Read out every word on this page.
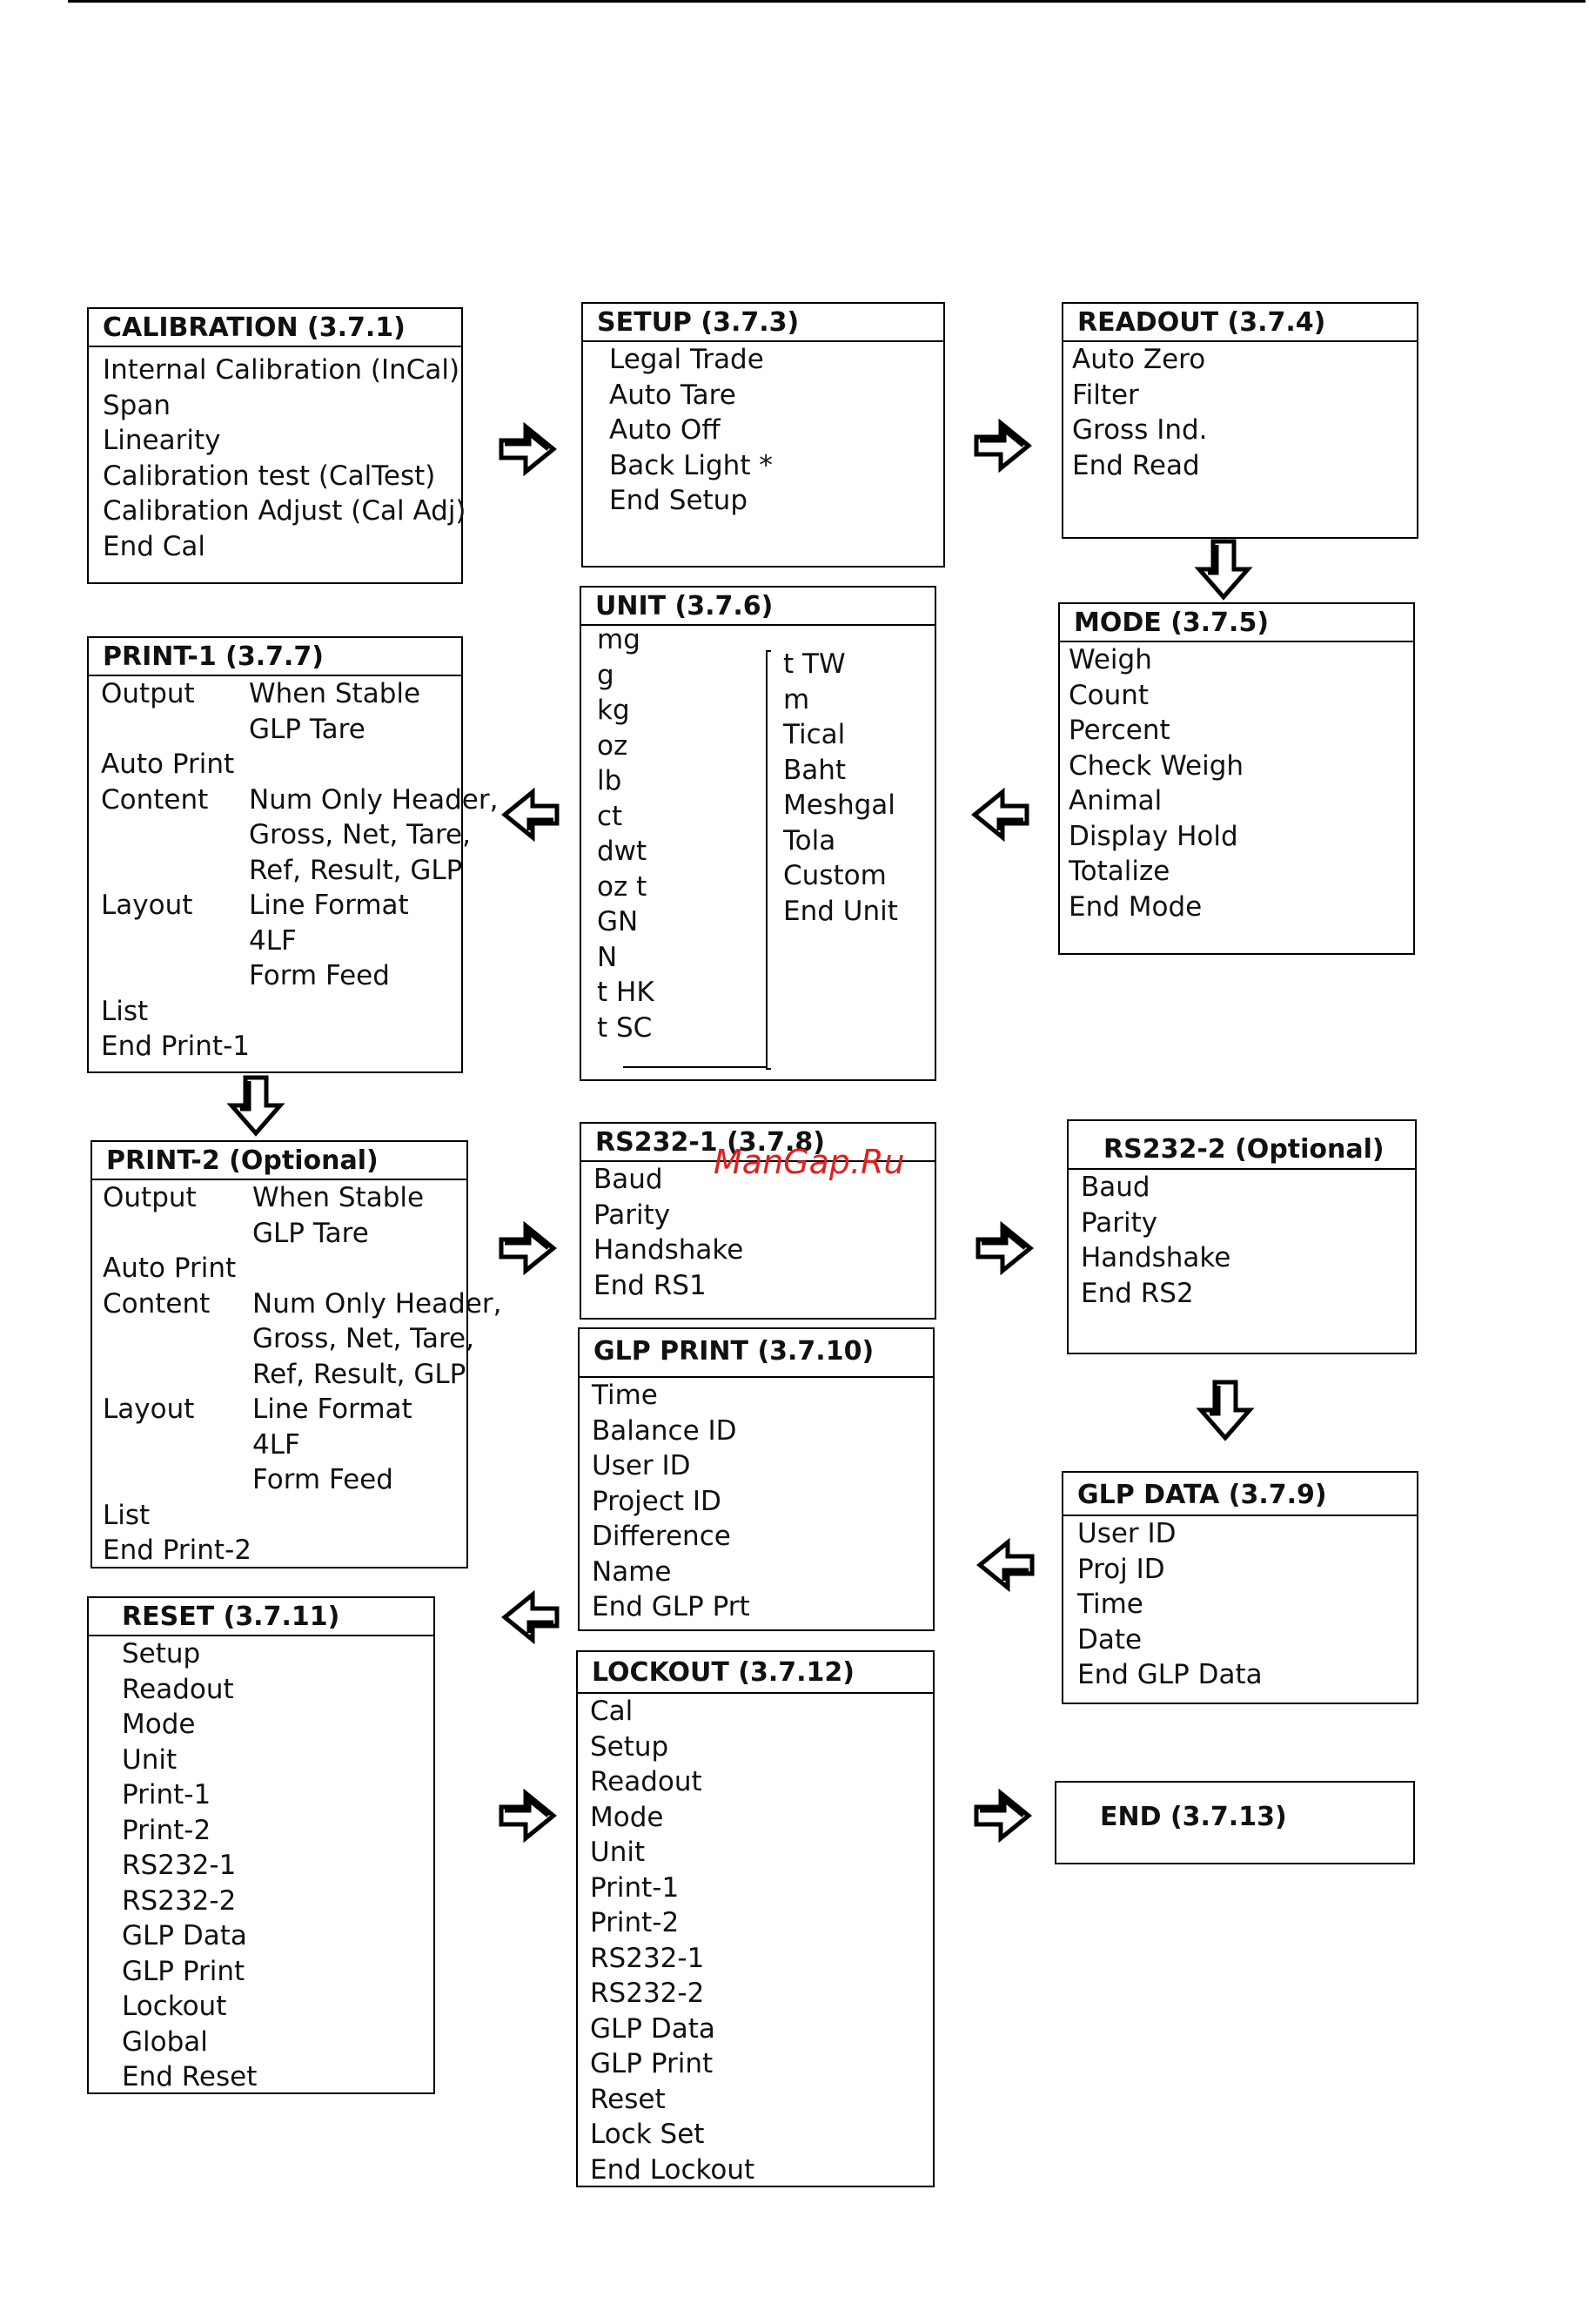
CALIBRATION (3.7.1)
Internal Calibration (InCal)
Span
Linearity
Calibration test (CalTest)
Calibration Adjust (Cal Adj)
End Cal
SETUP (3.7.3)
Legal Trade
Auto Tare
Auto Off
Back Light *
End Setup
READOUT (3.7.4)
Auto Zero
Filter
Gross Ind.
End Read
PRINT-1 (3.7.7)
Output When Stable
GLP Tare
Auto Print
Content Num Only Header,
Gross, Net, Tare,
Ref, Result, GLP
Layout Line Format
4LF
Form Feed
List
End Print-1
UNIT (3.7.6)
mg
g
kg
oz
lb
ct
dwt
oz t
GN
N
t HK
t SC
t TW
m
Tical
Baht
Meshgal
Tola
Custom
End Unit
MODE (3.7.5)
Weigh
Count
Percent
Check Weigh
Animal
Display Hold
Totalize
End Mode
PRINT-2 (Optional)
Output When Stable
GLP Tare
Auto Print
Content Num Only Header,
Gross, Net, Tare,
Ref, Result, GLP
Layout Line Format
4LF
Form Feed
List
End Print-2
RS232-1 (3.7.8)
Baud
Parity
Handshake
End RS1
RS232-2 (Optional)
Baud
Parity
Handshake
End RS2
GLP PRINT (3.7.10)
Time
Balance ID
User ID
Project ID
Difference
Name
End GLP Prt
GLP DATA (3.7.9)
User ID
Proj ID
Time
Date
End GLP Data
RESET (3.7.11)
Setup
Readout
Mode
Unit
Print-1
Print-2
RS232-1
RS232-2
GLP Data
GLP Print
Lockout
Global
End Reset
LOCKOUT (3.7.12)
Cal
Setup
Readout
Mode
Unit
Print-1
Print-2
RS232-1
RS232-2
GLP Data
GLP Print
Reset
Lock Set
End Lockout
END (3.7.13)
ManGap.Ru
